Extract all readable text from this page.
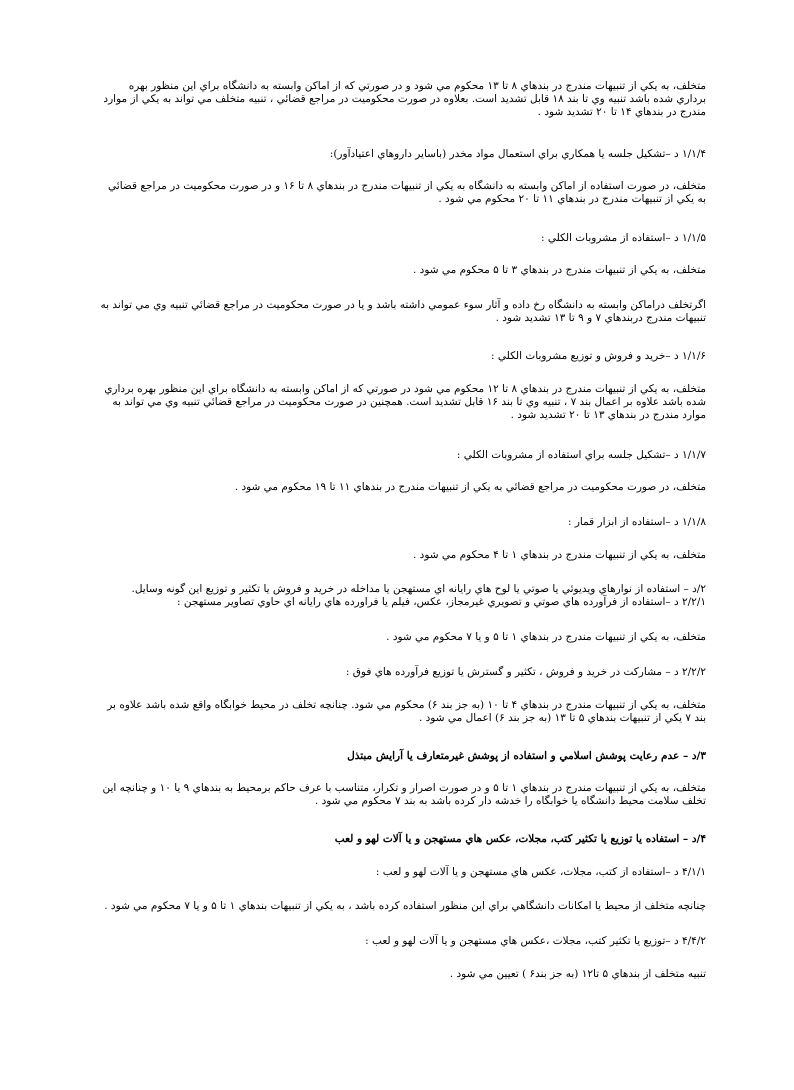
متخلف، به يكي از تنبيهات مندرج در بندهاي ۸ تا ۱۳ محكوم مي شود و در صورتي كه از اماكن وابسته به دانشگاه براي اين منظور بهره برداري شده باشد تنبيه وي تا بند ۱۸ قابل تشديد است. بعلاوه در صورت محكوميت در مراجع قضائي ، تنبيه متخلف مي تواند به يكي از موارد مندرج در بندهاي ۱۴ تا ۲۰ تشديد شود .

۱/۱/۴ د –تشكيل جلسه يا همكاري براي استعمال مواد مخدر (باساير داروهاي اعتيادآور):

متخلف، در صورت استفاده از اماكن وابسته به دانشگاه به يكي از تنبيهات مندرج در بندهاي ۸ تا ۱۶ و در صورت محكوميت در مراجع قضائي به يكي از تنبيهات مندرج در بندهاي ۱۱ تا ۲۰ محكوم مي شود .

۱/۱/۵ د –استفاده از مشروبات الكلي :

متخلف، به يكي از تنبيهات مندرج در بندهاي ۳ تا ۵ محكوم مي شود .

اگرتخلف دراماكن وابسته به دانشگاه رخ داده و آثار سوء عمومي داشته باشد و يا در صورت محكوميت در مراجع قضائي تنبيه وي مي تواند به تنبيهات مندرج دربندهاي ۷ و ۹ تا ۱۳ تشديد شود .

۱/۱/۶ د –خريد و فروش و توزيع مشروبات الكلي :

متخلف، به يكي از تنبيهات مندرج در بندهاي ۸ تا ۱۲ محكوم مي شود در صورتي كه از اماكن وابسته به دانشگاه براي اين منظور بهره برداري شده باشد علاوه بر اعمال بند ۷ ، تنبيه وي تا بند ۱۶ قابل تشديد است. همچنين در صورت محكوميت در مراجع قضائي تنبيه وي مي تواند به موارد مندرج در بندهاي ۱۳ تا ۲۰ تشديد شود .

۱/۱/۷ د –تشكيل جلسه براي استفاده از مشروبات الكلي :

متخلف، در صورت محكوميت در مراجع قضائي به يكي از تنبيهات مندرج در بندهاي ۱۱ تا ۱۹ محكوم مي شود .

۱/۱/۸ د –استفاده از ابزار قمار :

متخلف، به يكي از تنبيهات مندرج در بندهاي ۱ تا ۴ محكوم مي شود .

۲/د – استفاده از نوارهاي ويديوئي يا صوتي يا لوح هاي رايانه اي مستهجن يا مداخله در خريد و فروش يا تكثير و توزيع اين گونه وسايل.

۲/۲/۱ د –استفاده از فرآورده هاي صوتي و تصويري غيرمجاز، عكس، فيلم يا فراورده هاي رايانه اي حاوي تصاوير مستهجن :

متخلف، به يكي از تنبيهات مندرج در بندهاي ۱ تا ۵ و يا ۷ محكوم مي شود .

۲/۲/۲ د – مشاركت در خريد و فروش ، تكثير و گسترش يا توزيع فرآورده هاي فوق :

متخلف، به يكي از تنبيهات مندرج در بندهاي ۴ تا ۱۰ (به جز بند ۶) محكوم مي شود. چنانچه تخلف در محيط خوابگاه واقع شده باشد علاوه بر بند ۷ يكي از تنبيهات بندهاي ۵ تا ۱۳ (به جز بند ۶) اعمال مي شود .

۳/د – عدم رعايت پوشش اسلامي و استفاده از پوشش غيرمتعارف يا آرايش مبتذل

متخلف، به يكي از تنبيهات مندرج در بندهاي ۱ تا ۵ و در صورت اصرار و تكرار، متناسب با عرف حاكم برمحيط به بندهاي ۹ يا ۱۰ و چنانچه اين تخلف سلامت محيط دانشگاه يا خوابگاه را خدشه دار كرده باشد به بند ۷ محكوم مي شود .

۴/د – استفاده يا توزيع يا تكثير كتب، مجلات، عكس هاي مستهجن و يا آلات لهو و لعب

۴/۱/۱ د –استفاده از كتب، مجلات، عكس هاي مستهجن و يا آلات لهو و لعب :

چنانچه متخلف از محيط يا امكانات دانشگاهي براي اين منظور استفاده كرده باشد ، به يكي از تنبيهات بندهاي ۱ تا ۵ و يا ۷ محكوم مي شود .

۴/۴/۲ د –توزيع يا تكثير كتب، مجلات ،عكس هاي مستهجن و يا آلات لهو و لعب :

تنبيه متخلف از بندهاي ۵ تا۱۲ (به جز بند۶ ) تعيين مي شود .
